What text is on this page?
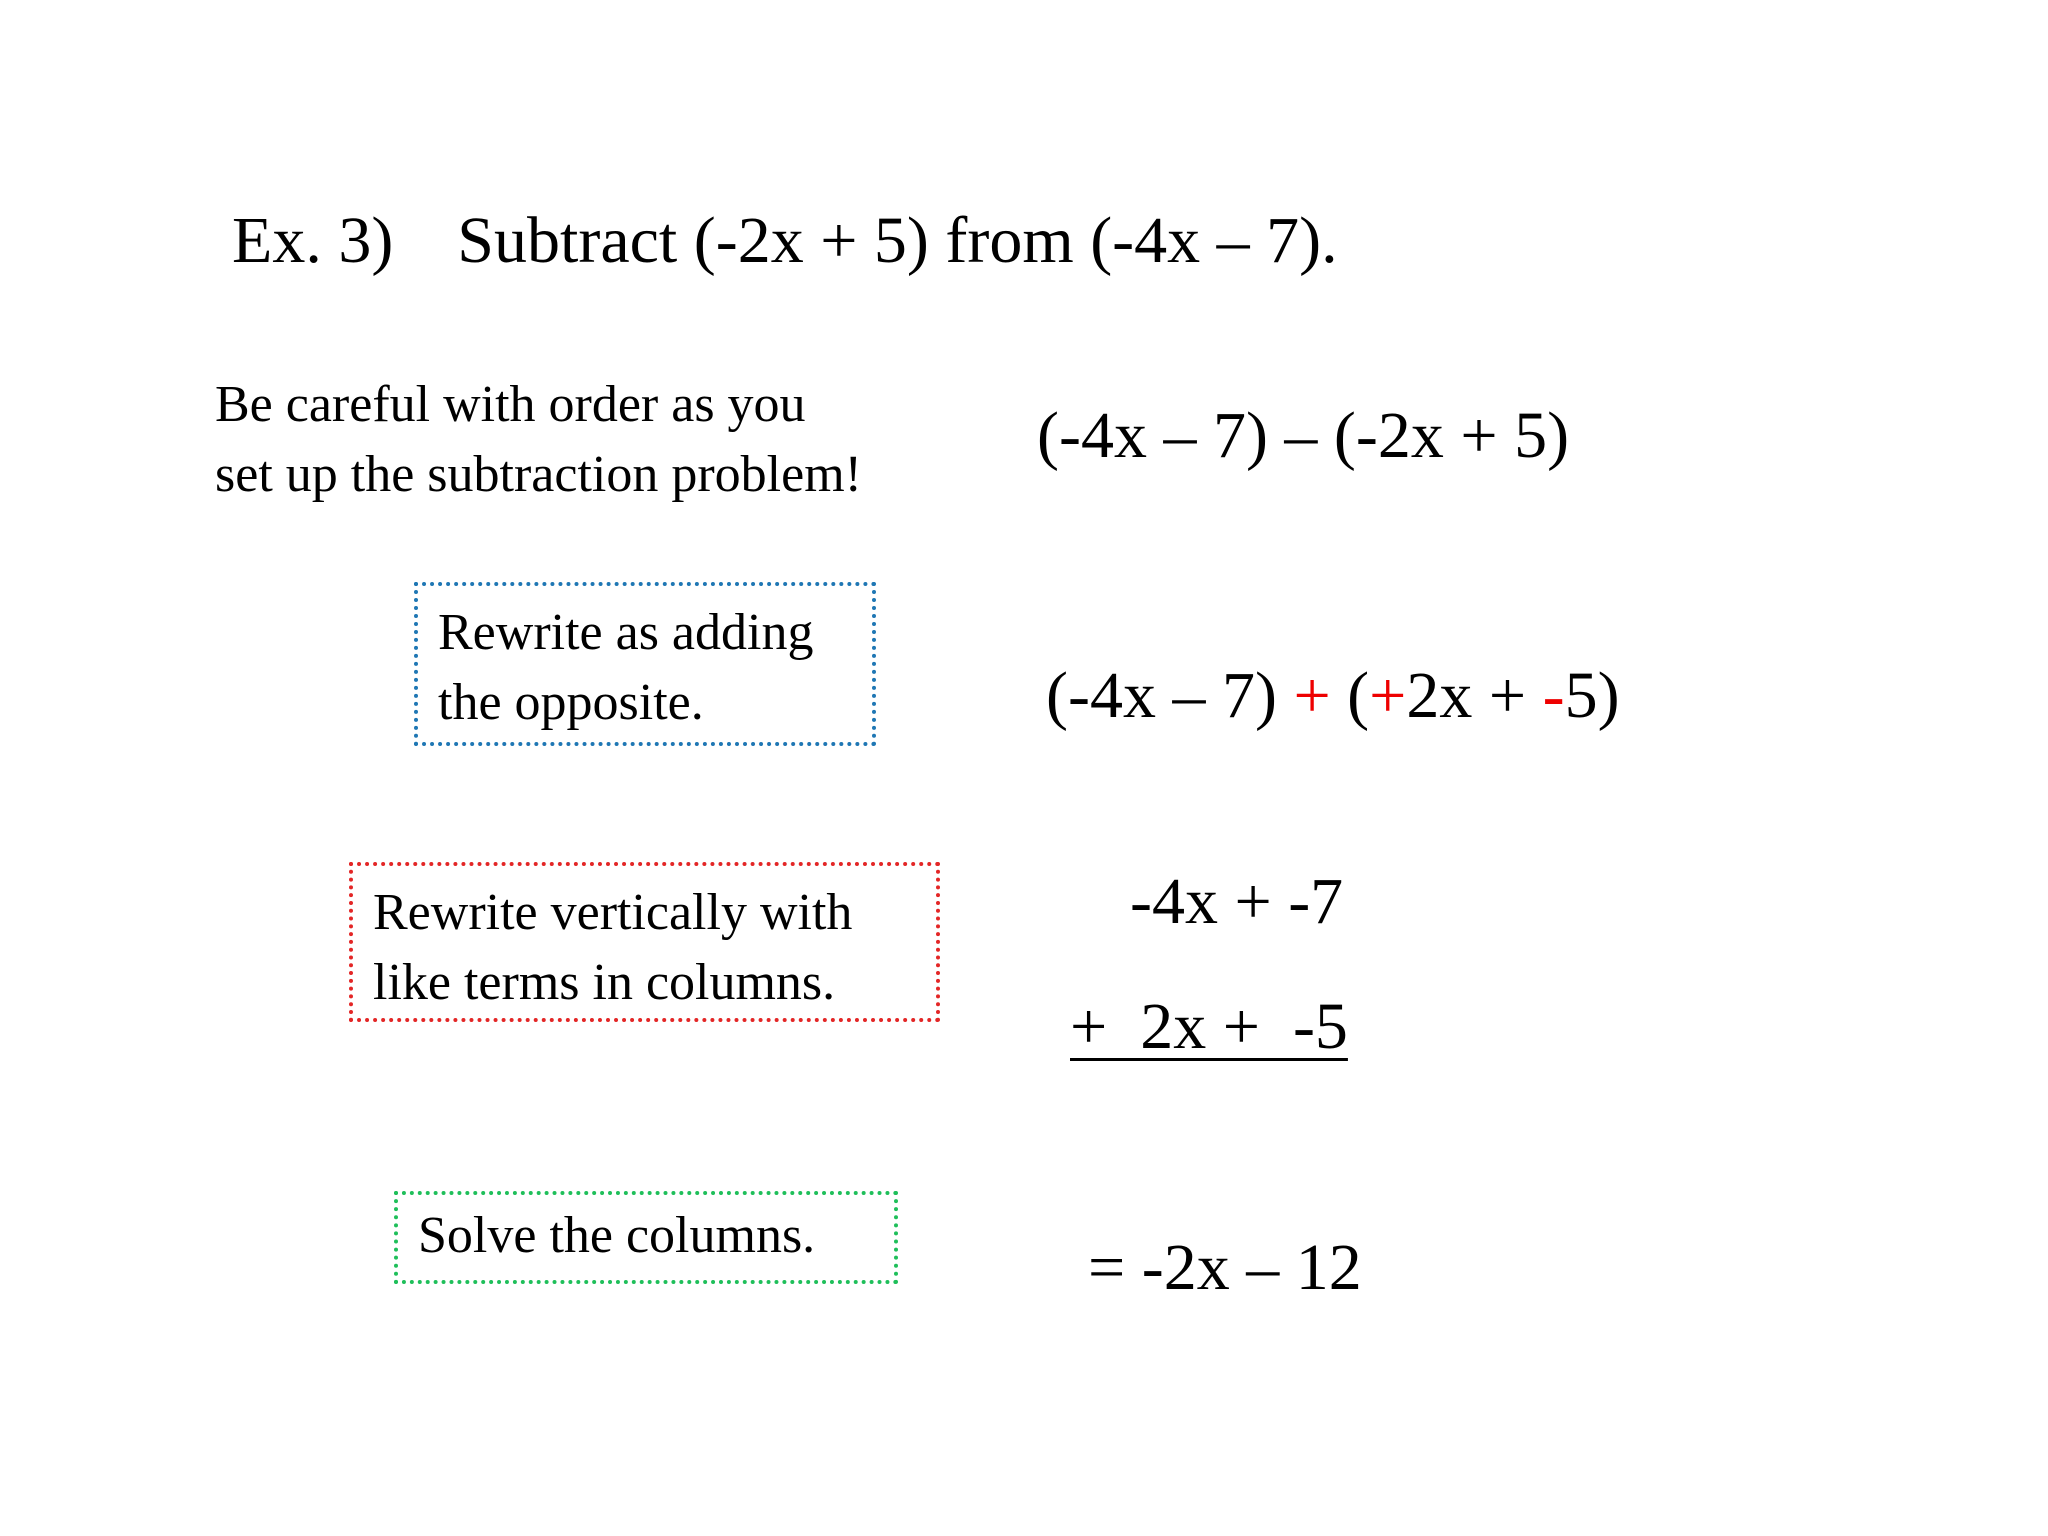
Ex. 3) Subtract (-2x + 5) from (-4x – 7).
Be careful with order as you
set up the subtraction problem!
(-4x – 7) – (-2x + 5)
Rewrite as adding
the opposite.	(-4x – 7) + (+2x + -5)
Rewrite vertically with
like terms in columns.
-4x + -7
+  2x +  -5
Solve the columns.	= -2x – 12
